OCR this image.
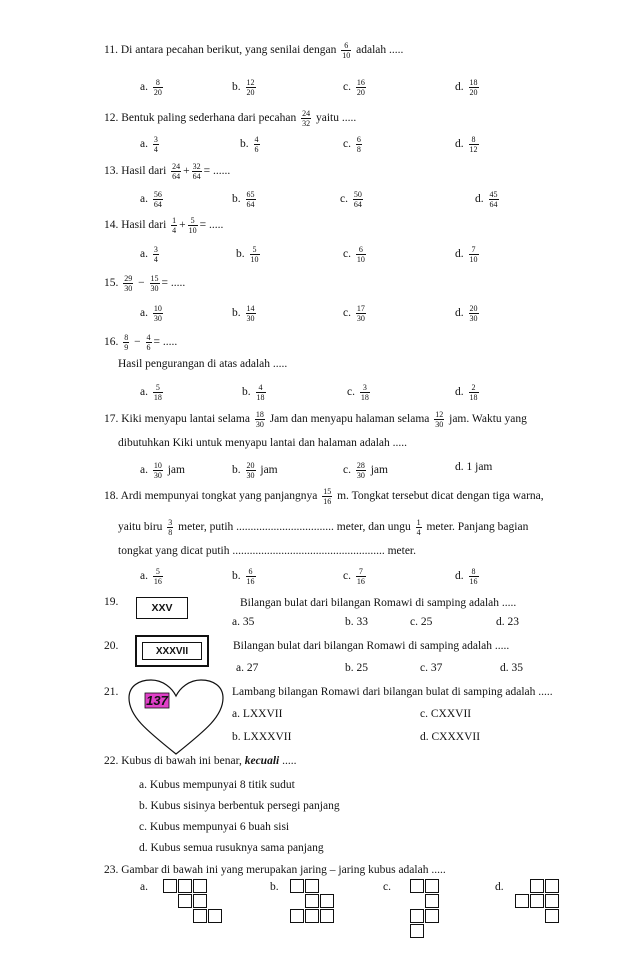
11. Di antara pecahan berikut, yang senilai dengan $\frac{6}{10}$ adalah .....
a. $\frac{8}{20}$	b. $\frac{12}{20}$	c. $\frac{16}{20}$	d. $\frac{18}{20}$
12. Bentuk paling sederhana dari pecahan $\frac{24}{32}$ yaitu .....
a. $\frac{3}{4}$	b. $\frac{4}{6}$	c. $\frac{6}{8}$	d. $\frac{8}{12}$
13. Hasil dari $\frac{24}{64} + \frac{32}{64}$ = ......
a. $\frac{56}{64}$	b. $\frac{65}{64}$	c. $\frac{50}{64}$	d. $\frac{45}{64}$
14. Hasil dari $\frac{1}{4} + \frac{5}{10}$ = .....
a. $\frac{3}{4}$	b. $\frac{5}{10}$	c. $\frac{6}{10}$	d. $\frac{7}{10}$
15. $\frac{29}{30} - \frac{15}{30}$ = .....
a. $\frac{10}{30}$	b. $\frac{14}{30}$	c. $\frac{17}{30}$	d. $\frac{20}{30}$
16. $\frac{8}{9} - \frac{4}{6}$ = .....
Hasil pengurangan di atas adalah .....
a. $\frac{5}{18}$	b. $\frac{4}{18}$	c. $\frac{3}{18}$	d. $\frac{2}{18}$
17. Kiki menyapu lantai selama $\frac{18}{30}$ Jam dan menyapu halaman selama $\frac{12}{30}$ jam. Waktu yang
dibutuhkan Kiki untuk menyapu lantai dan halaman adalah .....
a. $\frac{10}{30}$ jam	b. $\frac{20}{30}$ jam	c. $\frac{28}{30}$ jam	d. 1 jam
18. Ardi mempunyai tongkat yang panjangnya $\frac{15}{16} m$. Tongkat tersebut dicat dengan tiga warna,
yaitu biru $\frac{3}{8}$ meter, putih .................................. meter, dan ungu $\frac{1}{4}$ meter. Panjang bagian
tongkat yang dicat putih ..................................................... meter.
a. $\frac{5}{16}$	b. $\frac{6}{16}$	c. $\frac{7}{16}$	d. $\frac{8}{16}$
19.	XXV	Bilangan bulat dari bilangan Romawi di samping adalah .....
a. 35	b. 33	c. 25	d. 23
20.	XXXVII	Bilangan bulat dari bilangan Romawi di samping adalah .....
a. 27	b. 25	c. 37	d. 35
21.
137
Lambang bilangan Romawi dari bilangan bulat di samping adalah .....
a. LXXVII	c. CXXVII
b. LXXXVII	d. CXXXVII
22. Kubus di bawah ini benar, kecuali .....
a. Kubus mempunyai 8 titik sudut
b. Kubus sisinya berbentuk persegi panjang
c. Kubus mempunyai 6 buah sisi
d. Kubus semua rusuknya sama panjang
23. Gambar di bawah ini yang merupakan jaring – jaring kubus adalah .....
a.	b.	c.	d.
